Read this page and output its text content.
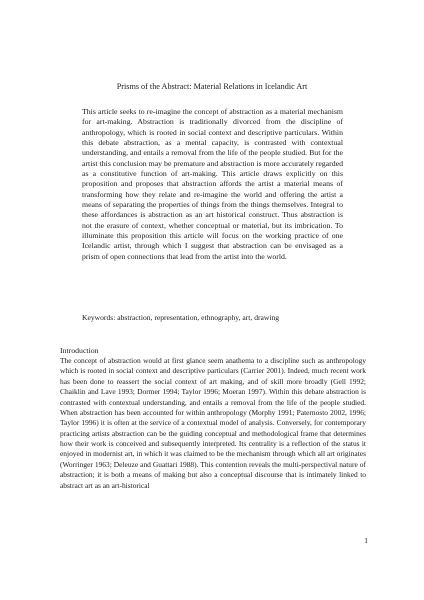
Prisms of the Abstract: Material Relations in Icelandic Art

This article seeks to re-imagine the concept of abstraction as a material mechanism for art-making. Abstraction is traditionally divorced from the discipline of anthropology, which is rooted in social context and descriptive particulars. Within this debate abstraction, as a mental capacity, is contrasted with contextual understanding, and entails a removal from the life of the people studied. But for the artist this conclusion may be premature and abstraction is more accurately regarded as a constitutive function of art-making. This article draws explicitly on this proposition and proposes that abstraction affords the artist a material means of transforming how they relate and re-imagine the world and offering the artist a means of separating the properties of things from the things themselves. Integral to these affordances is abstraction as an art historical construct. Thus abstraction is not the erasure of context, whether conceptual or material, but its imbrication. To illuminate this proposition this article will focus on the working practice of one Icelandic artist, through which I suggest that abstraction can be envisaged as a prism of open connections that lead from the artist into the world.

Keywords: abstraction, representation, ethnography, art, drawing
Introduction

The concept of abstraction would at first glance seem anathema to a discipline such as anthropology which is rooted in social context and descriptive particulars (Carrier 2001). Indeed, much recent work has been done to reassert the social context of art making, and of skill more broadly (Gell 1992; Chaiklin and Lave 1993; Dormer 1994; Taylor 1996; Moeran 1997). Within this debate abstraction is contrasted with contextual understanding, and entails a removal from the life of the people studied. When abstraction has been accounted for within anthropology (Morphy 1991; Paternosto 2002, 1996; Taylor 1996) it is often at the service of a contextual model of analysis. Conversely, for contemporary practicing artists abstraction can be the guiding conceptual and methodological frame that determines how their work is conceived and subsequently interpreted. Its centrality is a reflection of the status it enjoyed in modernist art, in which it was claimed to be the mechanism through which all art originates (Worringer 1963; Deleuze and Guattari 1988). This contention reveals the multi-perspectival nature of abstraction; it is both a means of making but also a conceptual discourse that is intimately linked to abstract art as an art-historical

1
